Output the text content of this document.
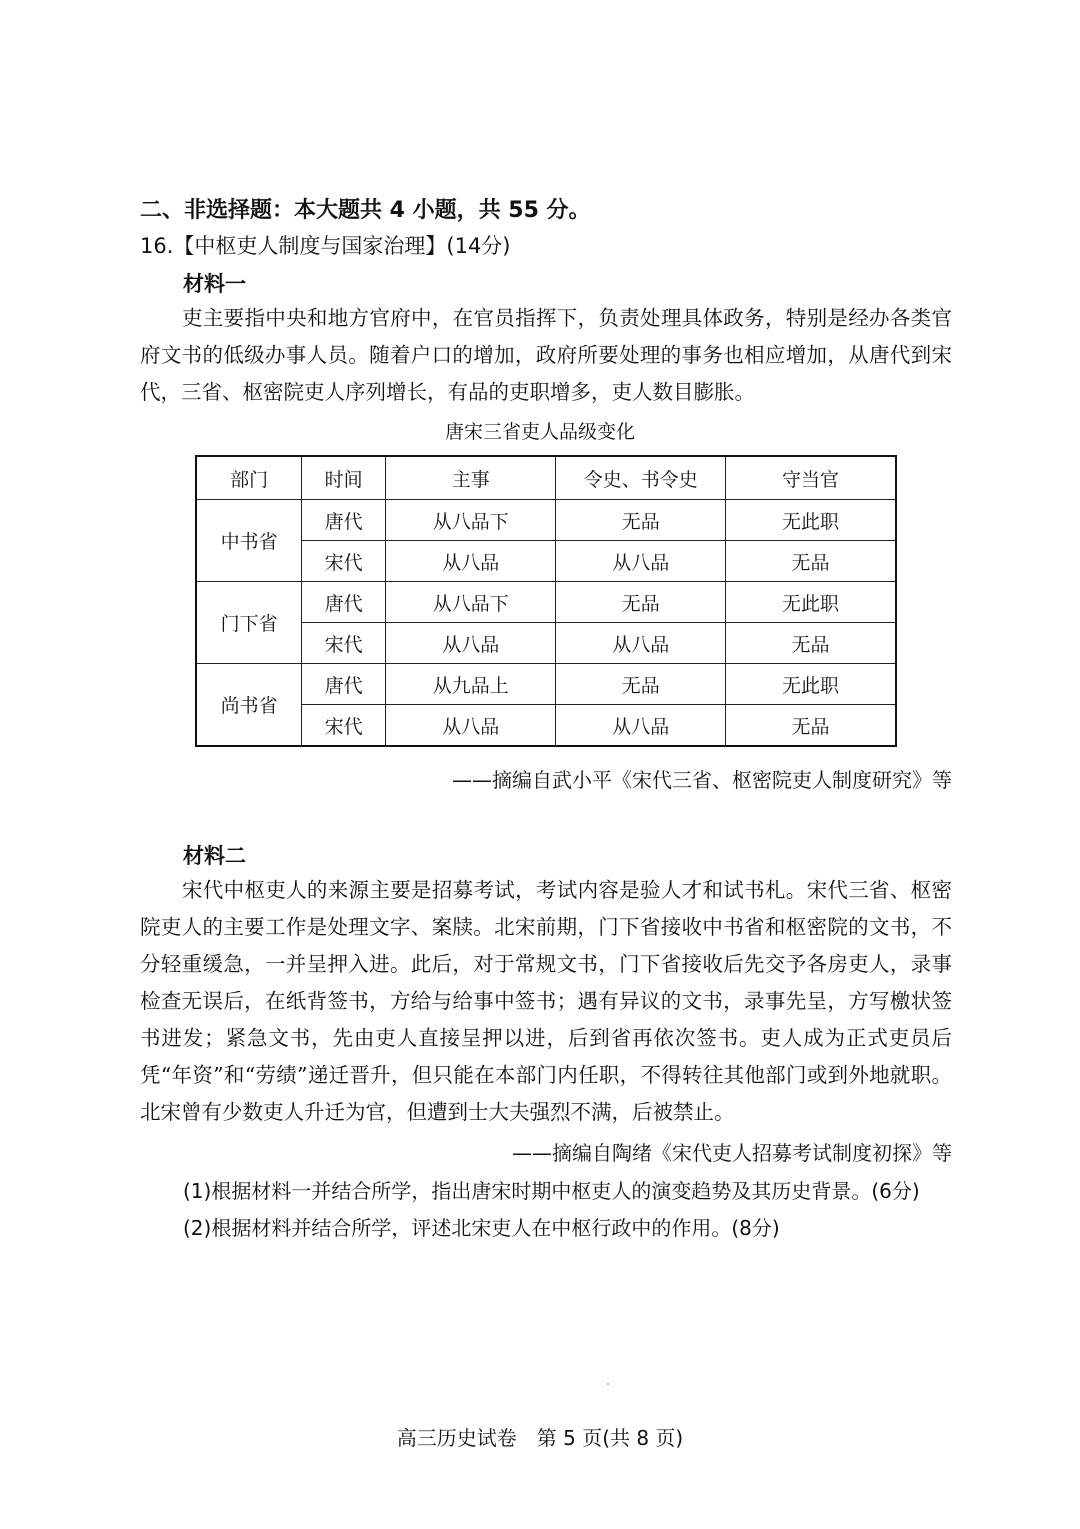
二、非选择题：本大题共 4 小题，共 55 分。
16.【中枢吏人制度与国家治理】(14分)
材料一
吏主要指中央和地方官府中，在官员指挥下，负责处理具体政务，特别是经办各类官府文书的低级办事人员。随着户口的增加，政府所要处理的事务也相应增加，从唐代到宋代，三省、枢密院吏人序列增长，有品的吏职增多，吏人数目膨胀。
唐宋三省吏人品级变化
部门	时间	主事	令史、书令史	守当官
中书省	唐代	从八品下	无品	无此职
	宋代	从八品	从八品	无品
门下省	唐代	从八品下	无品	无此职
	宋代	从八品	从八品	无品
尚书省	唐代	从九品上	无品	无此职
	宋代	从八品	从八品	无品
——摘编自武小平《宋代三省、枢密院吏人制度研究》等
材料二
宋代中枢吏人的来源主要是招募考试，考试内容是验人才和试书札。宋代三省、枢密院吏人的主要工作是处理文字、案牍。北宋前期，门下省接收中书省和枢密院的文书，不分轻重缓急，一并呈押入进。此后，对于常规文书，门下省接收后先交予各房吏人，录事检查无误后，在纸背签书，方给与给事中签书；遇有异议的文书，录事先呈，方写檄状签书进发；紧急文书，先由吏人直接呈押以进，后到省再依次签书。吏人成为正式吏员后凭“年资”和“劳绩”递迁晋升，但只能在本部门内任职，不得转往其他部门或到外地就职。北宋曾有少数吏人升迁为官，但遭到士大夫强烈不满，后被禁止。
——摘编自陶绪《宋代吏人招募考试制度初探》等
(1)根据材料一并结合所学，指出唐宋时期中枢吏人的演变趋势及其历史背景。(6分)
(2)根据材料并结合所学，评述北宋吏人在中枢行政中的作用。(8分)
高三历史试卷　第 5 页(共 8 页)
